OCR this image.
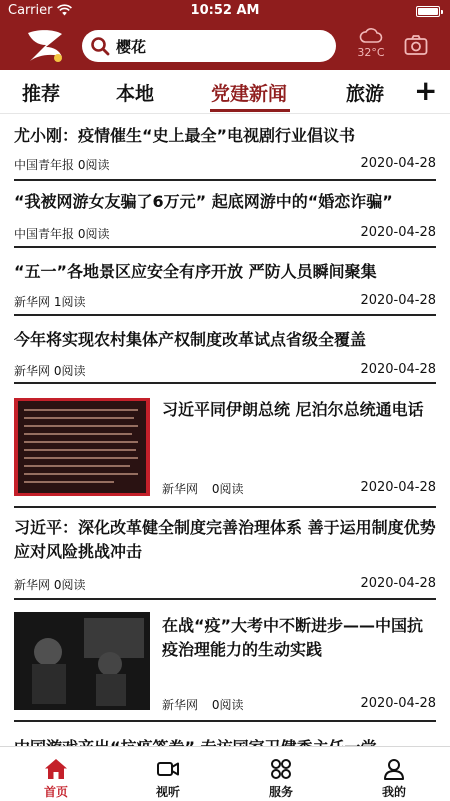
Carrier	10:52 AM
樱花	32°C
推荐	本地	党建新闻	旅游 +
尤小刚：疫情催生“史上最全”电视剧行业倡议书
中国青年报 0阅读	2020-04-28
“我被网游女友骗了6万元” 起底网游中的“婚恋诈骗”
中国青年报 0阅读	2020-04-28
“五一”各地景区应安全有序开放 严防人员瞬间聚集
新华网 1阅读	2020-04-28
今年将实现农村集体产权制度改革试点省级全覆盖
新华网 0阅读	2020-04-28
习近平同伊朗总统 尼泊尔总统通电话
新华网 0阅读	2020-04-28
习近平：深化改革健全制度完善治理体系 善于运用制度优势应对风险挑战冲击
新华网 0阅读	2020-04-28
在战“疫”大考中不断进步——中国抗疫治理能力的生动实践
新华网 0阅读	2020-04-28
首页	视听	服务	我的
